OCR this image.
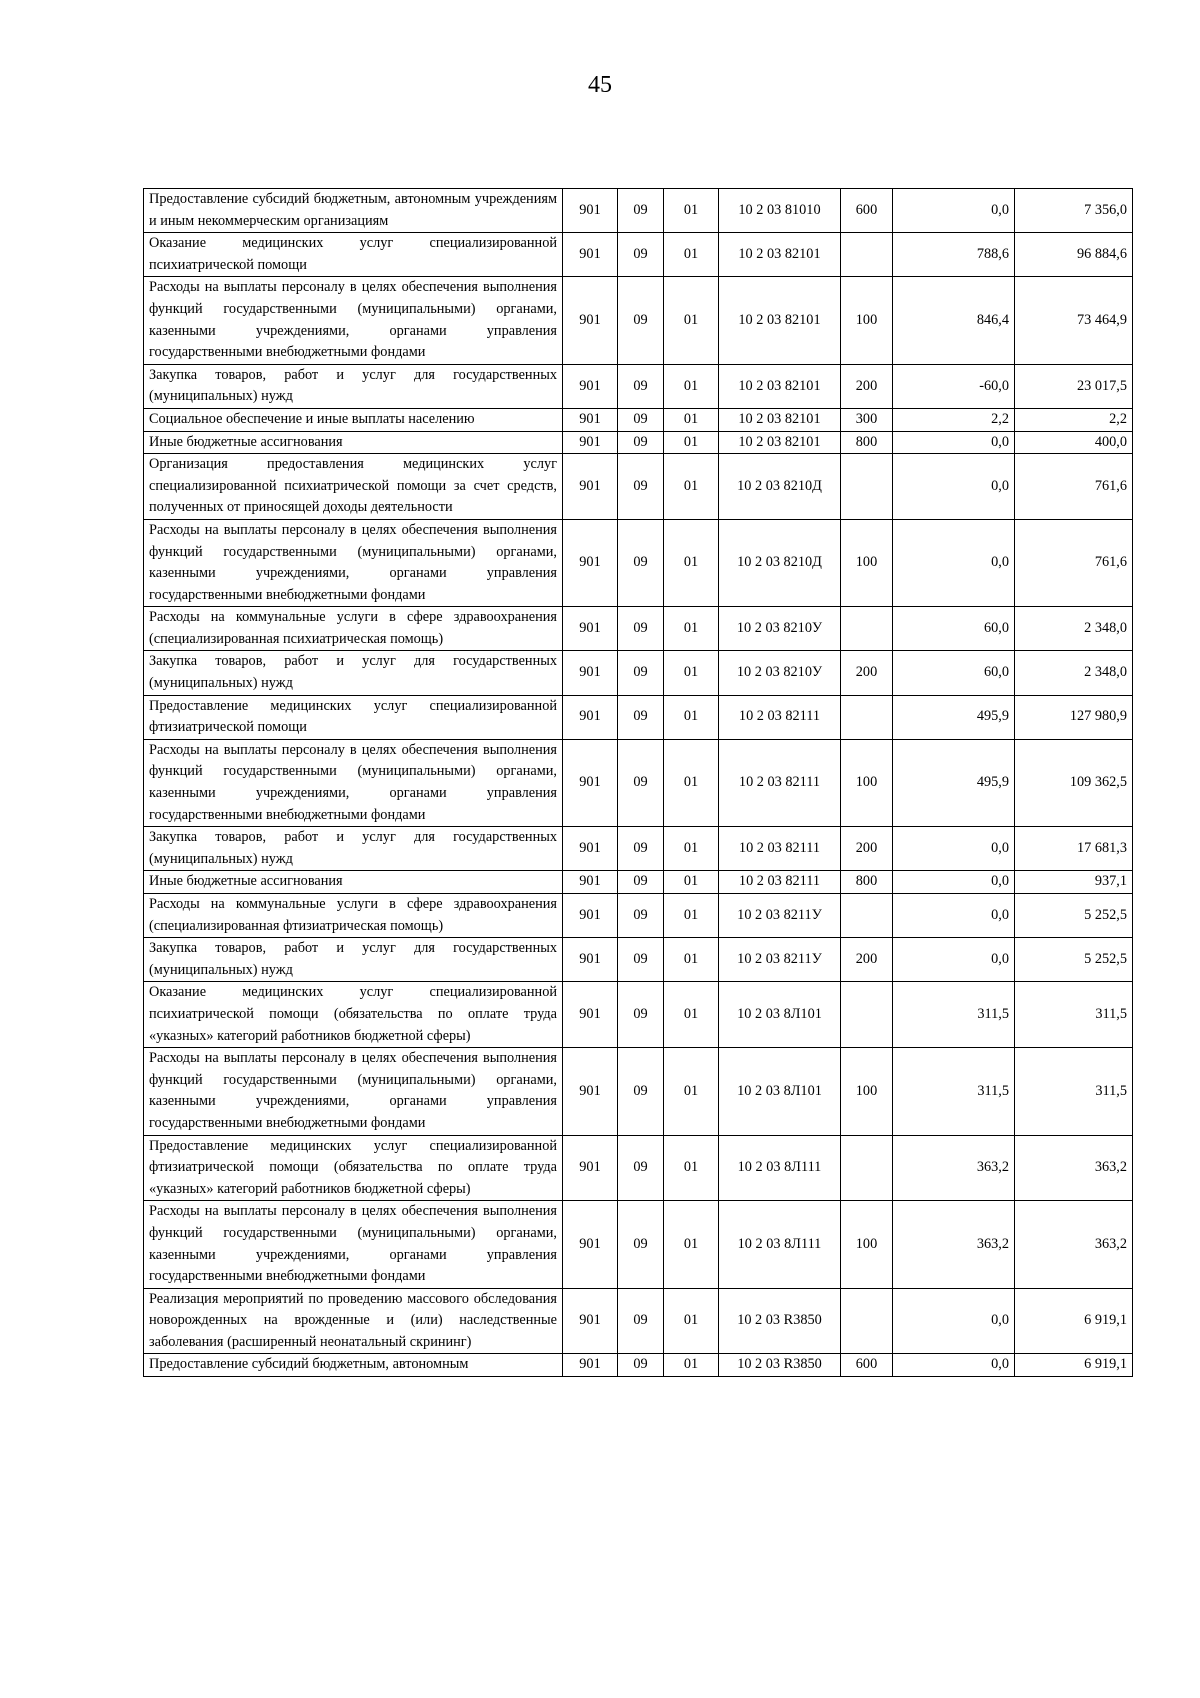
45
Предоставление субсидий бюджетным, автономным учреждениям и иным некоммерческим организациям	901	09	01	10 2 03 81010	600	0,0	7 356,0
Оказание медицинских услуг специализированной психиатрической помощи	901	09	01	10 2 03 82101		788,6	96 884,6
Расходы на выплаты персоналу в целях обеспечения выполнения функций государственными (муниципальными) органами, казенными учреждениями, органами управления государственными внебюджетными фондами	901	09	01	10 2 03 82101	100	846,4	73 464,9
Закупка товаров, работ и услуг для государственных (муниципальных) нужд	901	09	01	10 2 03 82101	200	-60,0	23 017,5
Социальное обеспечение и иные выплаты населению	901	09	01	10 2 03 82101	300	2,2	2,2
Иные бюджетные ассигнования	901	09	01	10 2 03 82101	800	0,0	400,0
Организация предоставления медицинских услуг специализированной психиатрической помощи за счет средств, полученных от приносящей доходы деятельности	901	09	01	10 2 03 8210Д		0,0	761,6
Расходы на выплаты персоналу в целях обеспечения выполнения функций государственными (муниципальными) органами, казенными учреждениями, органами управления государственными внебюджетными фондами	901	09	01	10 2 03 8210Д	100	0,0	761,6
Расходы на коммунальные услуги в сфере здравоохранения (специализированная психиатрическая помощь)	901	09	01	10 2 03 8210У		60,0	2 348,0
Закупка товаров, работ и услуг для государственных (муниципальных) нужд	901	09	01	10 2 03 8210У	200	60,0	2 348,0
Предоставление медицинских услуг специализированной фтизиатрической помощи	901	09	01	10 2 03 82111		495,9	127 980,9
Расходы на выплаты персоналу в целях обеспечения выполнения функций государственными (муниципальными) органами, казенными учреждениями, органами управления государственными внебюджетными фондами	901	09	01	10 2 03 82111	100	495,9	109 362,5
Закупка товаров, работ и услуг для государственных (муниципальных) нужд	901	09	01	10 2 03 82111	200	0,0	17 681,3
Иные бюджетные ассигнования	901	09	01	10 2 03 82111	800	0,0	937,1
Расходы на коммунальные услуги в сфере здравоохранения (специализированная фтизиатрическая помощь)	901	09	01	10 2 03 8211У		0,0	5 252,5
Закупка товаров, работ и услуг для государственных (муниципальных) нужд	901	09	01	10 2 03 8211У	200	0,0	5 252,5
Оказание медицинских услуг специализированной психиатрической помощи (обязательства по оплате труда «указных» категорий работников бюджетной сферы)	901	09	01	10 2 03 8Л101		311,5	311,5
Расходы на выплаты персоналу в целях обеспечения выполнения функций государственными (муниципальными) органами, казенными учреждениями, органами управления государственными внебюджетными фондами	901	09	01	10 2 03 8Л101	100	311,5	311,5
Предоставление медицинских услуг специализированной фтизиатрической помощи (обязательства по оплате труда «указных» категорий работников бюджетной сферы)	901	09	01	10 2 03 8Л111		363,2	363,2
Расходы на выплаты персоналу в целях обеспечения выполнения функций государственными (муниципальными) органами, казенными учреждениями, органами управления государственными внебюджетными фондами	901	09	01	10 2 03 8Л111	100	363,2	363,2
Реализация мероприятий по проведению массового обследования новорожденных на врожденные и (или) наследственные заболевания (расширенный неонатальный скрининг)	901	09	01	10 2 03 R3850		0,0	6 919,1
Предоставление субсидий бюджетным, автономным	901	09	01	10 2 03 R3850	600	0,0	6 919,1
